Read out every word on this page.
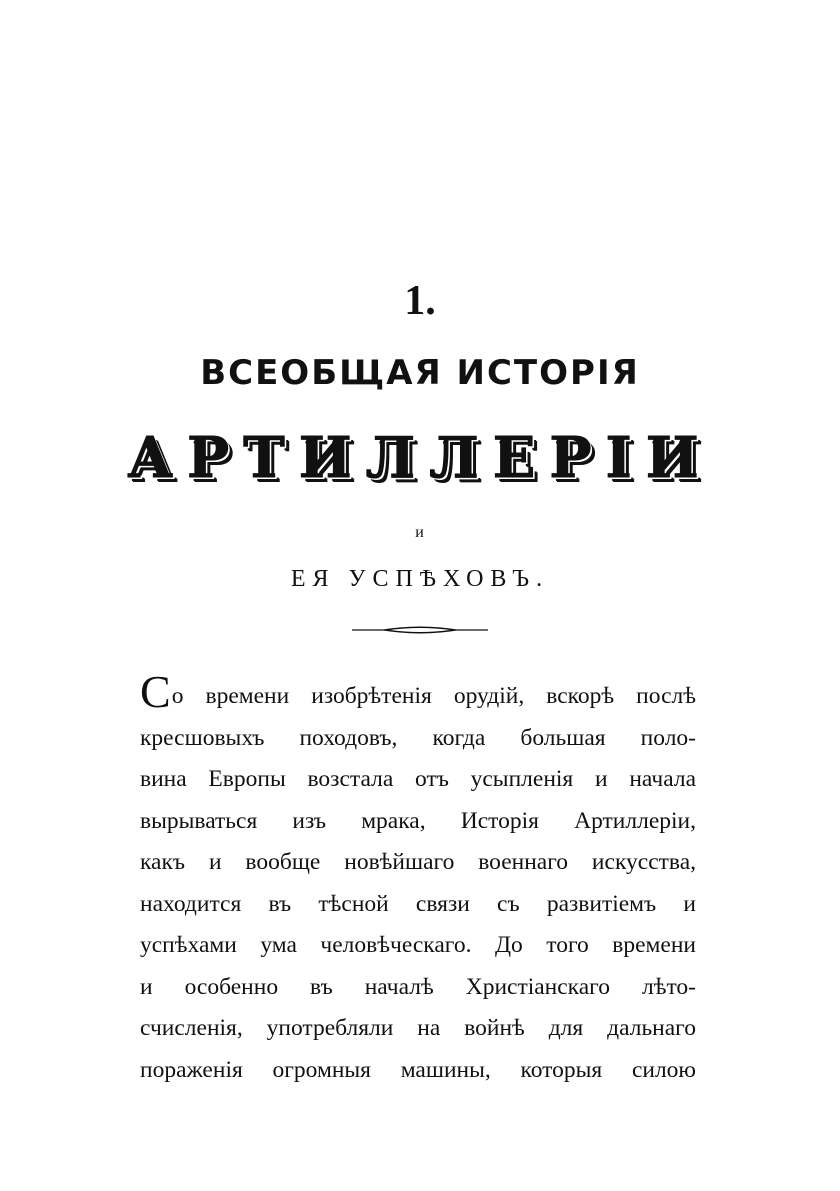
1.
ВСЕОБЩАЯ ИСТОРІЯ
АРТИЛЛЕРІИ
и
ЕЯ УСПѢХОВЪ.
Со времени изобрѣтенія орудій, вскорѣ послѣ
кресшовыхъ походовъ, когда большая поло-
вина Европы возстала отъ усыпленія и начала
вырываться изъ мрака, Исторія Артиллеріи,
какъ и вообще новѣйшаго военнаго искусства,
находится въ тѣсной связи съ развитіемъ и
успѣхами ума человѣческаго. До того времени
и особенно въ началѣ Христіанскаго лѣто-
счисленія, употребляли на войнѣ для дальнаго
пораженія огромныя машины, которыя силою
